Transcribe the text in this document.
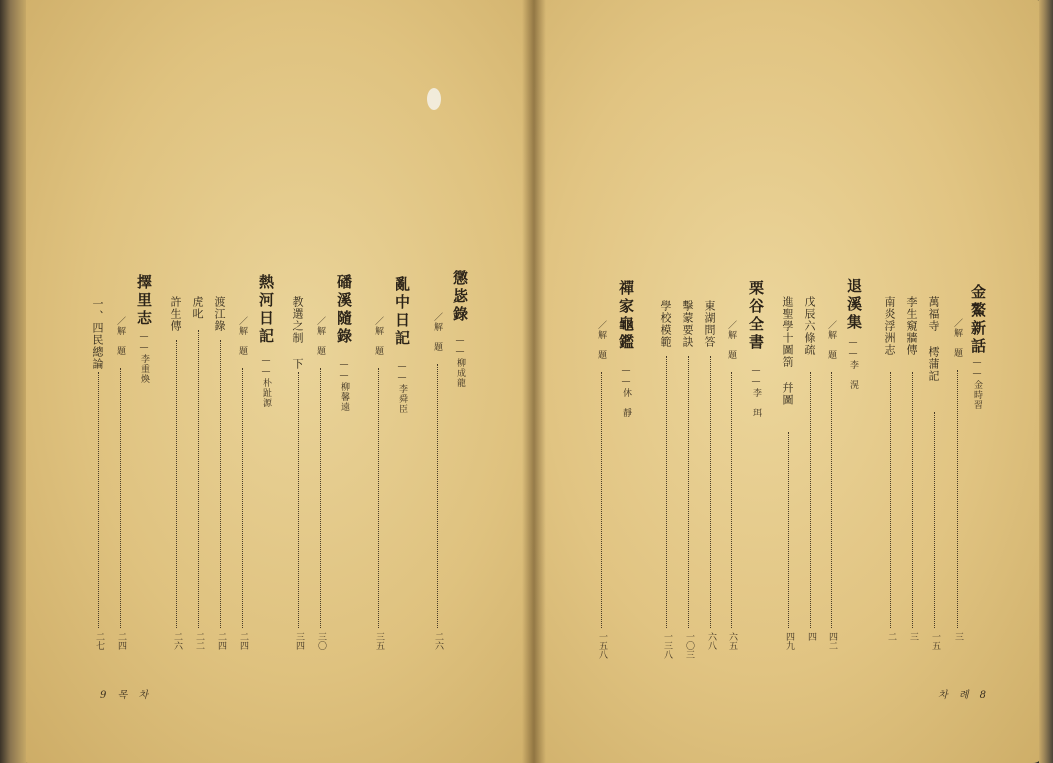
金鰲新話
——金時習
／解　題
三
萬福寺 樗蒲記
一五
李生窺牆傳
三
南炎浮洲志
二
退溪集
——李　滉
／解　題
四二
戊辰六條疏
四
進聖學十圖箚 幷圖
四九
栗谷全書
——李　珥
／解　題
六五
東湖問答
六八
擊蒙要訣
一〇三
學校模範
一三八
禪家龜鑑
——休　靜
／解　題
一五八
차 례 8
懲毖錄
——柳成龍
／解　題
二六
亂中日記
——李舜臣
／解　題
三五
磻溪隨錄
——柳馨遠
／解　題
三〇
教選之制 下
三四
熱河日記
——朴趾源
／解　題
二四
渡江錄
二四
虎叱
二二
許生傳
二六
擇里志
——李重煥
／解　題
二四
一、四民總論
二七
9 목 차
